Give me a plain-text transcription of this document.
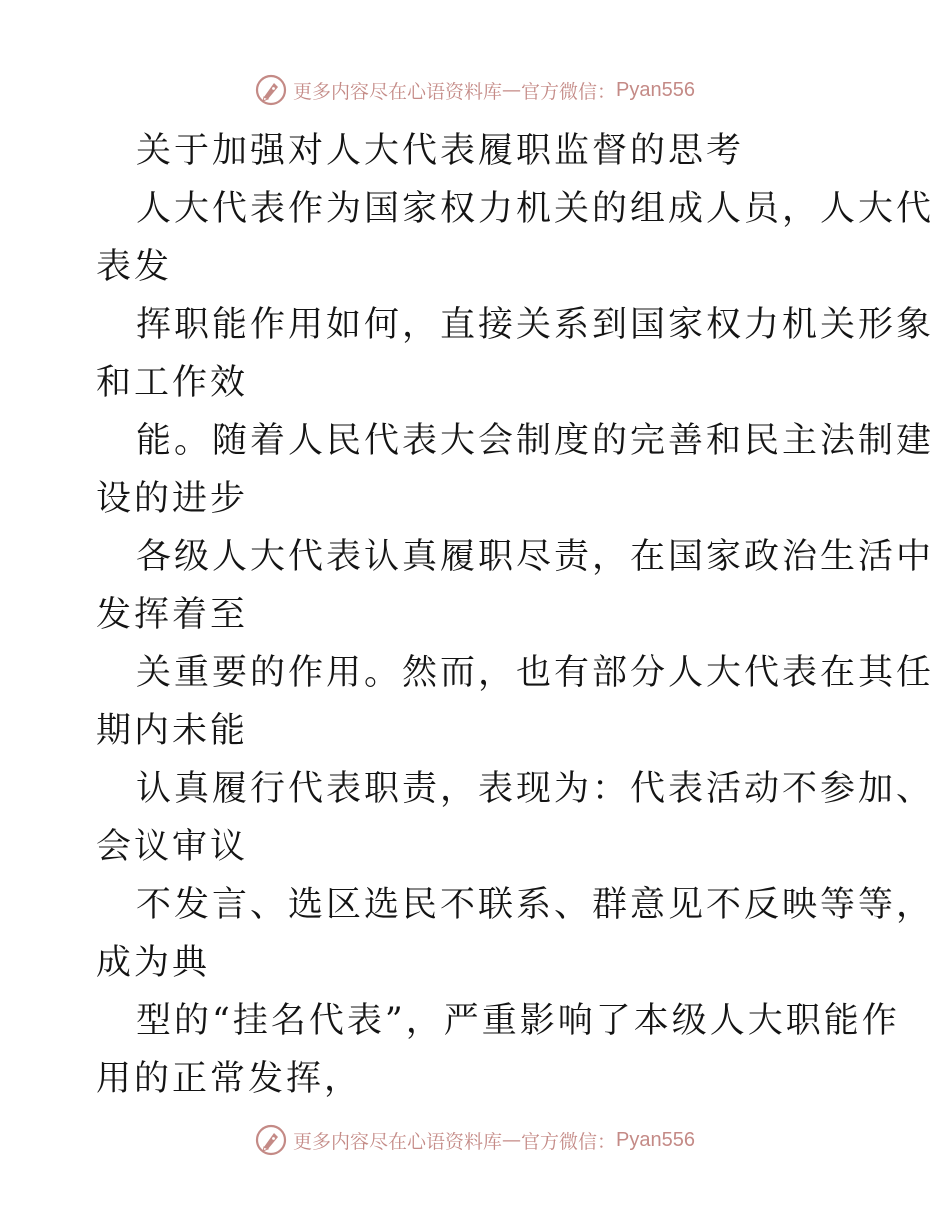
更多内容尽在心语资料库 — 官方微信： Pyan556
关于加强对人大代表履职监督的思考
人大代表作为国家权力机关的组成人员，人大代
表发
挥职能作用如何，直接关系到国家权力机关形象
和工作效
能。随着人民代表大会制度的完善和民主法制建
设的进步
各级人大代表认真履职尽责，在国家政治生活中
发挥着至
关重要的作用。然而，也有部分人大代表在其任
期内未能
认真履行代表职责，表现为：代表活动不参加、
会议审议
不发言、选区选民不联系、群意见不反映等等，
成为典
型的“挂名代表”，严重影响了本级人大职能作
用的正常发挥，
更多内容尽在心语资料库 — 官方微信： Pyan556
